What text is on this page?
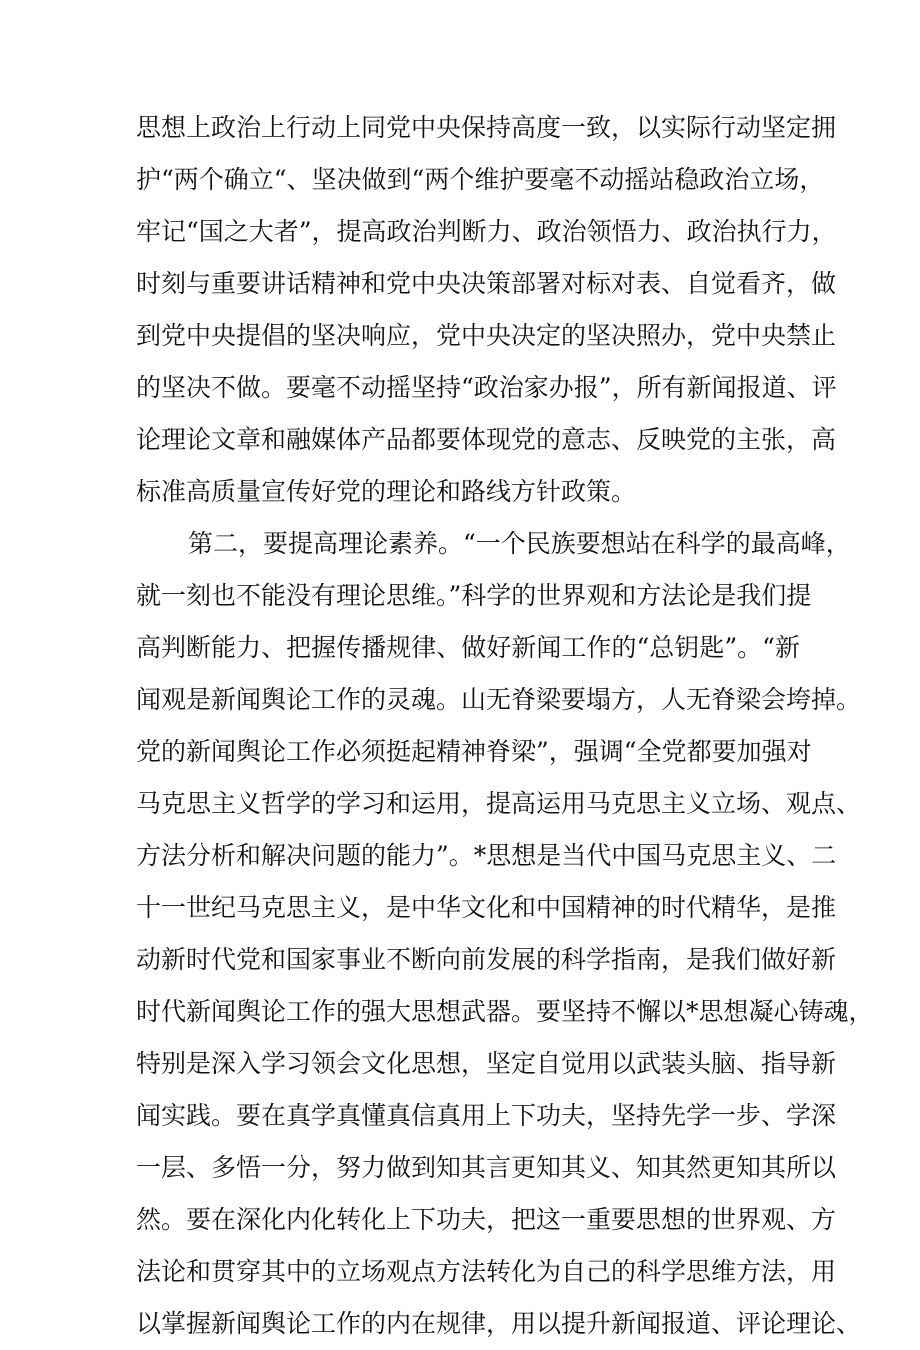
思想上政治上行动上同党中央保持高度一致，以实际行动坚定拥
护“两个确立“、坚决做到“两个维护要毫不动摇站稳政治立场，
牢记“国之大者”，提高政治判断力、政治领悟力、政治执行力，
时刻与重要讲话精神和党中央决策部署对标对表、自觉看齐，做
到党中央提倡的坚决响应，党中央决定的坚决照办，党中央禁止
的坚决不做。要毫不动摇坚持“政治家办报”，所有新闻报道、评
论理论文章和融媒体产品都要体现党的意志、反映党的主张，高
标准高质量宣传好党的理论和路线方针政策。
第二，要提高理论素养。“一个民族要想站在科学的最高峰，
就一刻也不能没有理论思维。”科学的世界观和方法论是我们提
高判断能力、把握传播规律、做好新闻工作的“总钥匙”。“新
闻观是新闻舆论工作的灵魂。山无脊梁要塌方，人无脊梁会垮掉。
党的新闻舆论工作必须挺起精神脊梁”，强调“全党都要加强对
马克思主义哲学的学习和运用，提高运用马克思主义立场、观点、
方法分析和解决问题的能力”。*思想是当代中国马克思主义、二
十一世纪马克思主义，是中华文化和中国精神的时代精华，是推
动新时代党和国家事业不断向前发展的科学指南，是我们做好新
时代新闻舆论工作的强大思想武器。要坚持不懈以*思想凝心铸魂，
特别是深入学习领会文化思想，坚定自觉用以武装头脑、指导新
闻实践。要在真学真懂真信真用上下功夫，坚持先学一步、学深
一层、多悟一分，努力做到知其言更知其义、知其然更知其所以
然。要在深化内化转化上下功夫，把这一重要思想的世界观、方
法论和贯穿其中的立场观点方法转化为自己的科学思维方法，用
以掌握新闻舆论工作的内在规律，用以提升新闻报道、评论理论、
